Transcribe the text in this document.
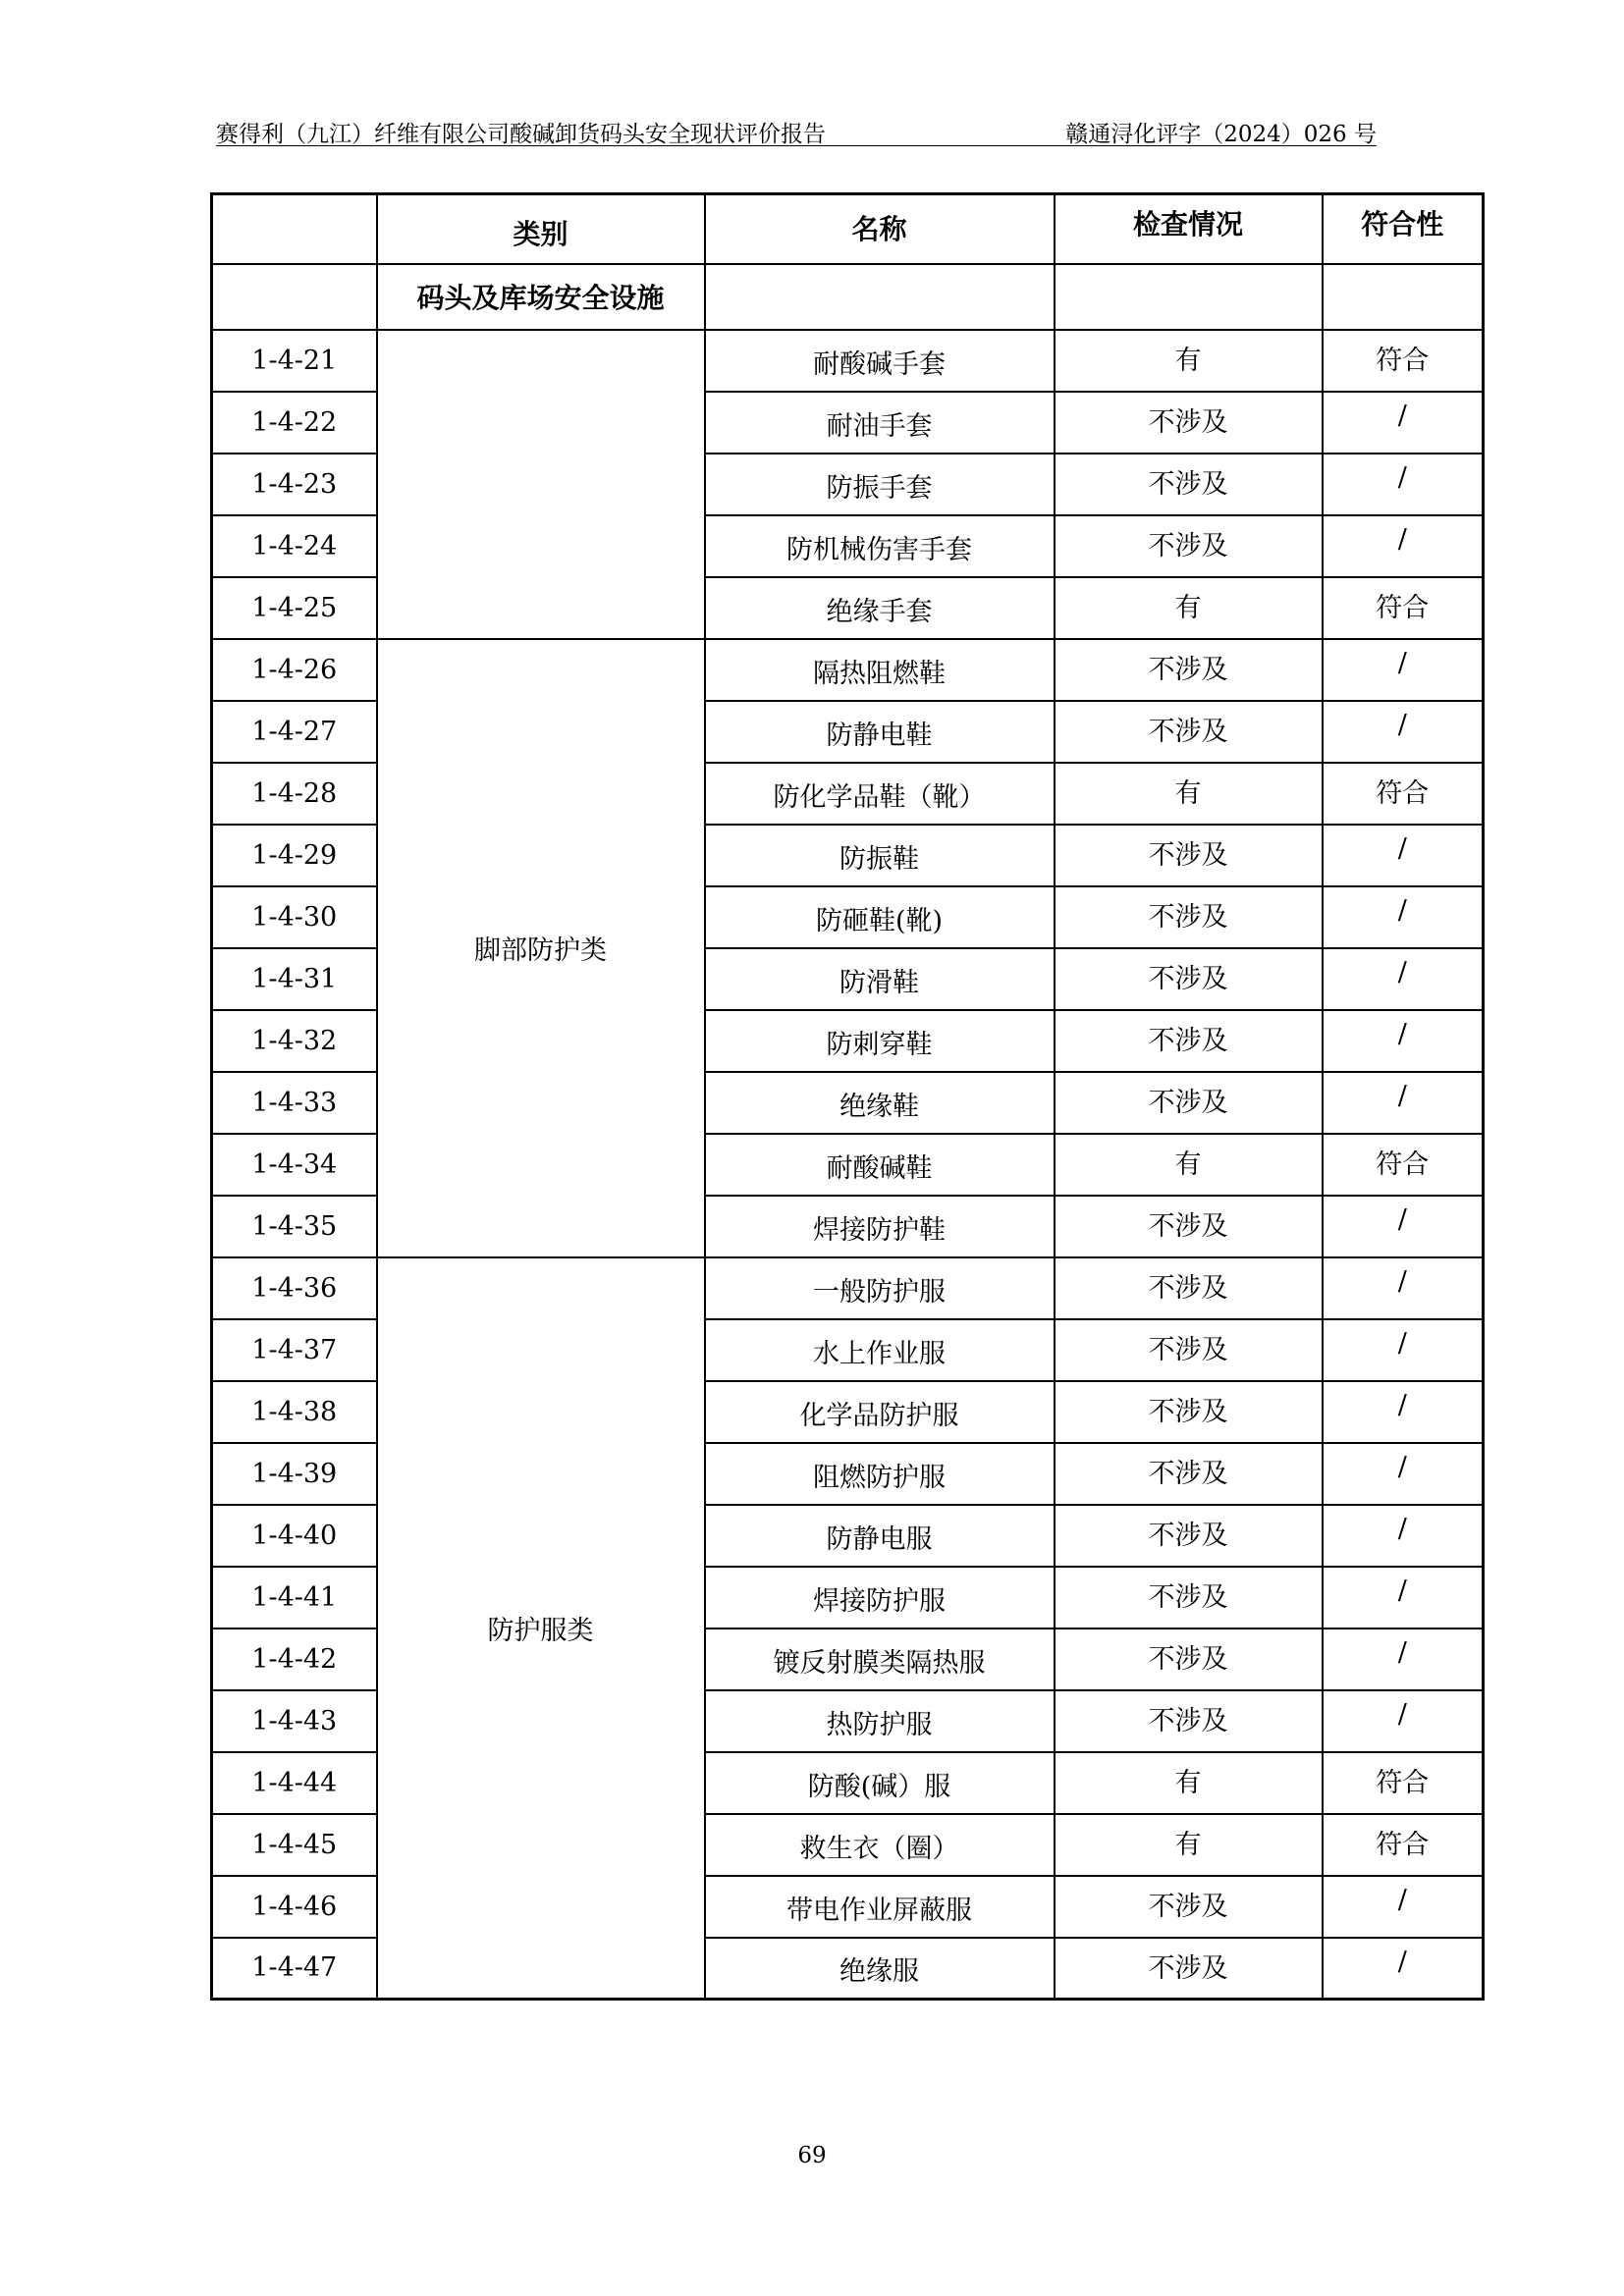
赛得利（九江）纤维有限公司酸碱卸货码头安全现状评价报告	赣通浔化评字（2024）026 号
	类别	名称	检查情况	符合性
	码头及库场安全设施			
1-4-21		耐酸碱手套	有	符合
1-4-22		耐油手套	不涉及	/
1-4-23		防振手套	不涉及	/
1-4-24		防机械伤害手套	不涉及	/
1-4-25		绝缘手套	有	符合
1-4-26	脚部防护类	隔热阻燃鞋	不涉及	/
1-4-27		防静电鞋	不涉及	/
1-4-28		防化学品鞋（靴）	有	符合
1-4-29		防振鞋	不涉及	/
1-4-30		防砸鞋(靴)	不涉及	/
1-4-31		防滑鞋	不涉及	/
1-4-32		防刺穿鞋	不涉及	/
1-4-33		绝缘鞋	不涉及	/
1-4-34		耐酸碱鞋	有	符合
1-4-35		焊接防护鞋	不涉及	/
1-4-36	防护服类	一般防护服	不涉及	/
1-4-37		水上作业服	不涉及	/
1-4-38		化学品防护服	不涉及	/
1-4-39		阻燃防护服	不涉及	/
1-4-40		防静电服	不涉及	/
1-4-41		焊接防护服	不涉及	/
1-4-42		镀反射膜类隔热服	不涉及	/
1-4-43		热防护服	不涉及	/
1-4-44		防酸(碱）服	有	符合
1-4-45		救生衣（圈）	有	符合
1-4-46		带电作业屏蔽服	不涉及	/
1-4-47		绝缘服	不涉及	/
69
